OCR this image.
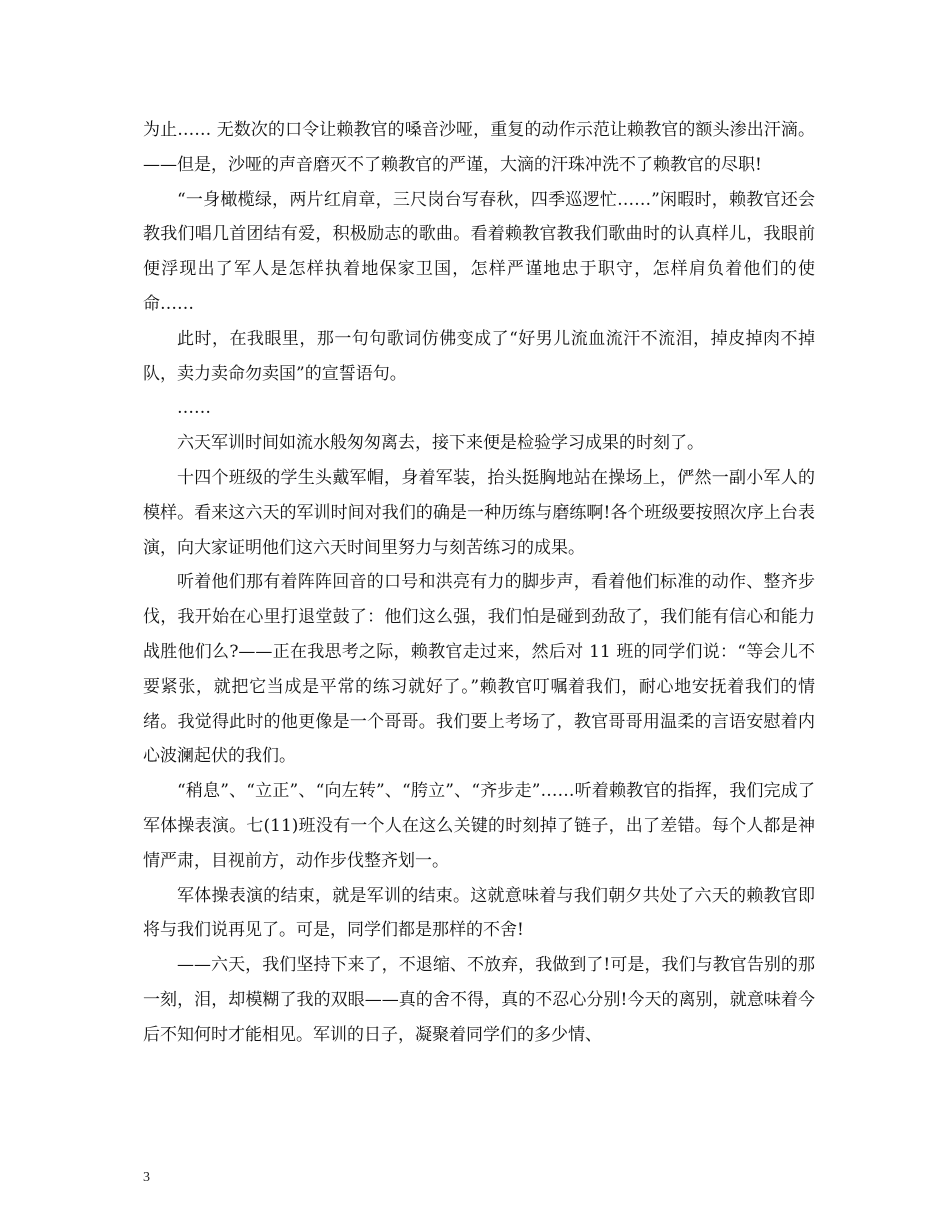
为止…… 无数次的口令让赖教官的嗓音沙哑，重复的动作示范让赖教官的额头渗出汗滴。——但是，沙哑的声音磨灭不了赖教官的严谨，大滴的汗珠冲洗不了赖教官的尽职!

“一身橄榄绿，两片红肩章，三尺岗台写春秋，四季巡逻忙……”闲暇时，赖教官还会教我们唱几首团结有爱，积极励志的歌曲。看着赖教官教我们歌曲时的认真样儿，我眼前便浮现出了军人是怎样执着地保家卫国，怎样严谨地忠于职守，怎样肩负着他们的使命……

此时，在我眼里，那一句句歌词仿佛变成了“好男儿流血流汗不流泪，掉皮掉肉不掉队，卖力卖命勿卖国”的宣誓语句。

……

六天军训时间如流水般匆匆离去，接下来便是检验学习成果的时刻了。

十四个班级的学生头戴军帽，身着军装，抬头挺胸地站在操场上，俨然一副小军人的模样。看来这六天的军训时间对我们的确是一种历练与磨练啊!各个班级要按照次序上台表演，向大家证明他们这六天时间里努力与刻苦练习的成果。

听着他们那有着阵阵回音的口号和洪亮有力的脚步声，看着他们标准的动作、整齐步伐，我开始在心里打退堂鼓了：他们这么强，我们怕是碰到劲敌了，我们能有信心和能力战胜他们么?——正在我思考之际，赖教官走过来，然后对 11 班的同学们说：“等会儿不要紧张，就把它当成是平常的练习就好了。”赖教官叮嘱着我们，耐心地安抚着我们的情绪。我觉得此时的他更像是一个哥哥。我们要上考场了，教官哥哥用温柔的言语安慰着内心波澜起伏的我们。

“稍息”、“立正”、“向左转”、“胯立”、“齐步走”……听着赖教官的指挥，我们完成了军体操表演。七(11)班没有一个人在这么关键的时刻掉了链子，出了差错。每个人都是神情严肃，目视前方，动作步伐整齐划一。

军体操表演的结束，就是军训的结束。这就意味着与我们朝夕共处了六天的赖教官即将与我们说再见了。可是，同学们都是那样的不舍!

——六天，我们坚持下来了，不退缩、不放弃，我做到了!可是，我们与教官告别的那一刻，泪，却模糊了我的双眼——真的舍不得，真的不忍心分别!今天的离别，就意味着今后不知何时才能相见。军训的日子，凝聚着同学们的多少情、

3
